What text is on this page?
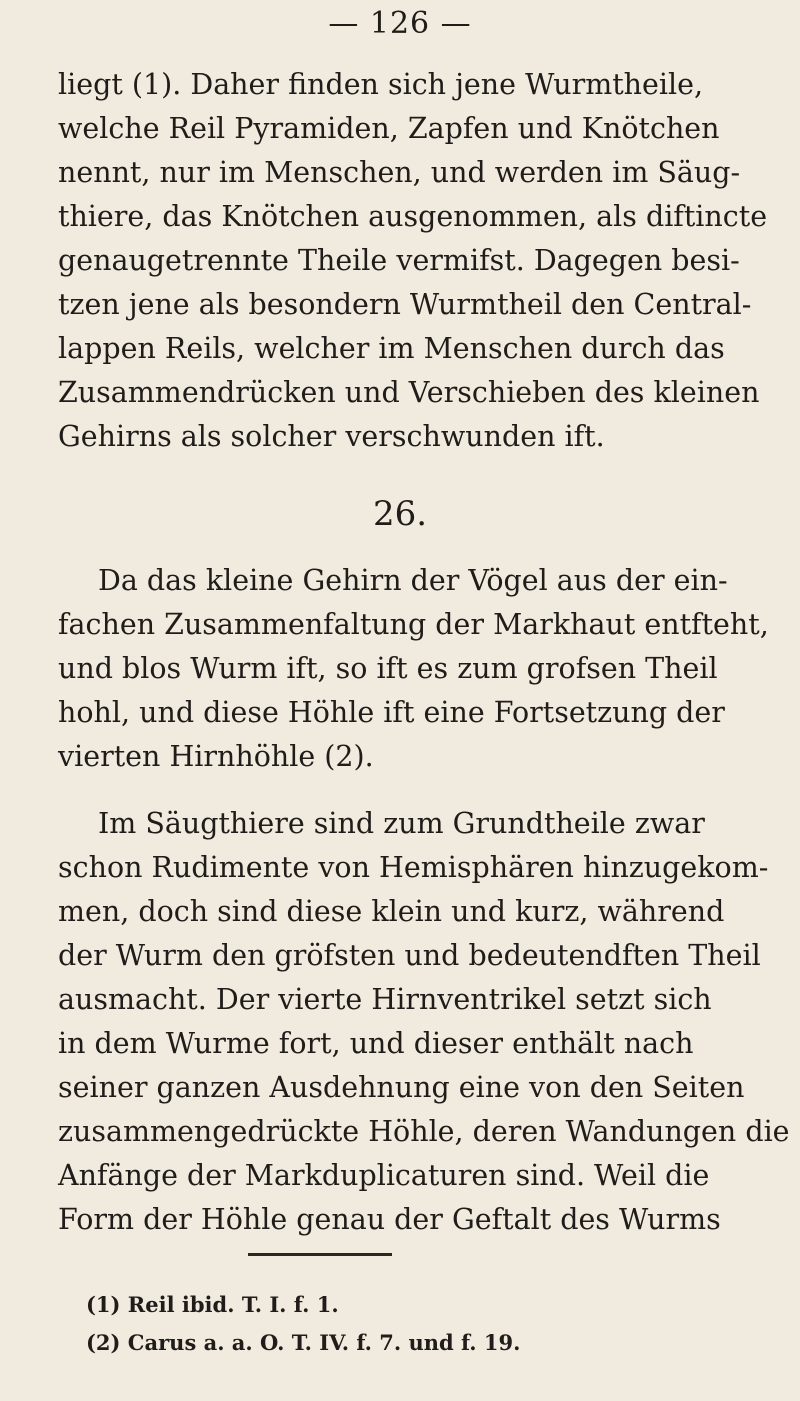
— 126 —
liegt (1). Daher finden sich jene Wurmtheile,
welche Reil Pyramiden, Zapfen und Knötchen
nennt, nur im Menschen, und werden im Säug-
thiere, das Knötchen ausgenommen, als diftincte
genaugetrennte Theile vermifst. Dagegen besi-
tzen jene als besondern Wurmtheil den Central-
lappen Reils, welcher im Menschen durch das
Zusammendrücken und Verschieben des kleinen
Gehirns als solcher verschwunden ift.
26.
Da das kleine Gehirn der Vögel aus der ein-
fachen Zusammenfaltung der Markhaut entfteht,
und blos Wurm ift, so ift es zum grofsen Theil
hohl, und diese Höhle ift eine Fortsetzung der
vierten Hirnhöhle (2).
Im Säugthiere sind zum Grundtheile zwar
schon Rudimente von Hemisphären hinzugekom-
men, doch sind diese klein und kurz, während
der Wurm den gröfsten und bedeutendften Theil
ausmacht. Der vierte Hirnventrikel setzt sich
in dem Wurme fort, und dieser enthält nach
seiner ganzen Ausdehnung eine von den Seiten
zusammengedrückte Höhle, deren Wandungen die
Anfänge der Markduplicaturen sind. Weil die
Form der Höhle genau der Geftalt des Wurms
(1) Reil ibid. T. I. f. 1.
(2) Carus a. a. O. T. IV. f. 7. und f. 19.
